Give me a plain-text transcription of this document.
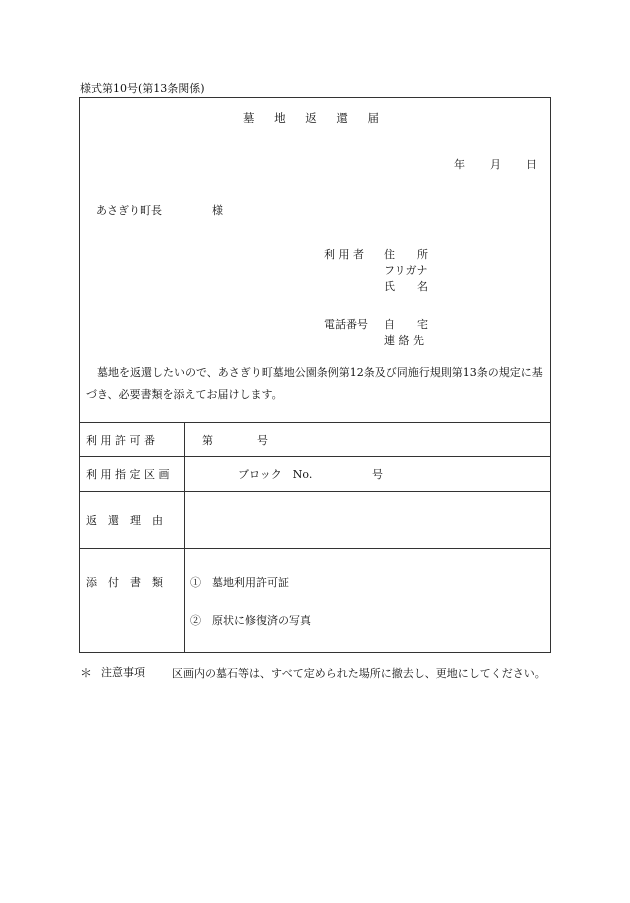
様式第10号(第13条関係)
墓 地 返 還 届
年 月 日
あさぎり町長	様
利 用 者 住　　所
フリガナ
氏　　名
電話番号 自　　宅
連 絡 先
墓地を返還したいので、あさぎり町墓地公園条例第12条及び同施行規則第13条の規定に基づき、必要書類を添えてお届けします。
利 用 許 可 番	第　　　　号
利 用 指 定 区 画	ブロック　No.	号
返　還　理　由
添　付　書　類 ①　墓地利用許可証
②　原状に修復済の写真
＊ 注意事項 区画内の墓石等は、すべて定められた場所に撤去し、更地にしてください。
